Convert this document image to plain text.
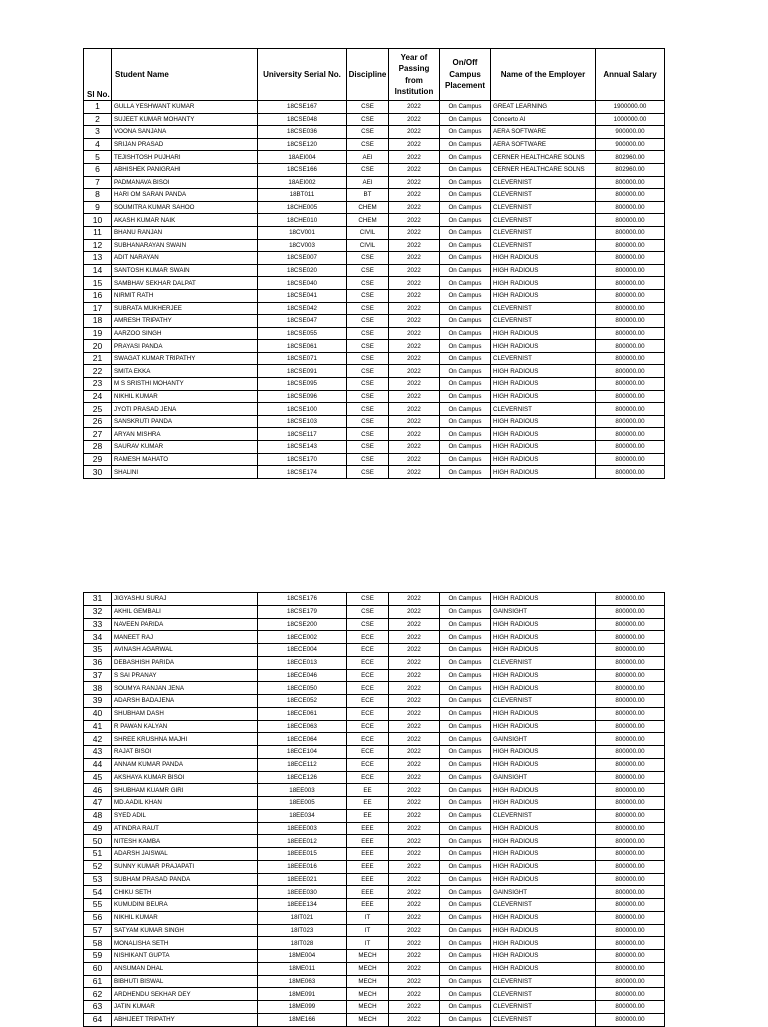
Sl No.	Student Name	University Serial No.	Discipline	Year of Passing from Institution	On/Off Campus Placement	Name of the Employer	Annual Salary
1	GULLA YESHWANT KUMAR	18CSE167	CSE	2022	On Campus	GREAT LEARNING	1900000.00
2	SUJEET KUMAR MOHANTY	18CSE048	CSE	2022	On Campus	Concerto AI	1000000.00
3	VOONA SANJANA	18CSE036	CSE	2022	On Campus	AERA SOFTWARE	900000.00
4	SRIJAN PRASAD	18CSE120	CSE	2022	On Campus	AERA SOFTWARE	900000.00
5	TEJISHTOSH PUJHARI	18AEI004	AEI	2022	On Campus	CERNER HEALTHCARE SOLNS	802960.00
6	ABHISHEK PANIGRAHI	18CSE166	CSE	2022	On Campus	CERNER HEALTHCARE SOLNS	802960.00
7	PADMANAVA BISOI	18AEI002	AEI	2022	On Campus	CLEVERNIST	800000.00
8	HARI OM SARAN PANDA	18BT011	BT	2022	On Campus	CLEVERNIST	800000.00
9	SOUMITRA KUMAR SAHOO	18CHE005	CHEM	2022	On Campus	CLEVERNIST	800000.00
10	AKASH KUMAR NAIK	18CHE010	CHEM	2022	On Campus	CLEVERNIST	800000.00
11	BHANU RANJAN	18CV001	CIVIL	2022	On Campus	CLEVERNIST	800000.00
12	SUBHANARAYAN SWAIN	18CV003	CIVIL	2022	On Campus	CLEVERNIST	800000.00
13	ADIT NARAYAN	18CSE007	CSE	2022	On Campus	HIGH RADIOUS	800000.00
14	SANTOSH KUMAR SWAIN	18CSE020	CSE	2022	On Campus	HIGH RADIOUS	800000.00
15	SAMBHAV SEKHAR DALPAT	18CSE040	CSE	2022	On Campus	HIGH RADIOUS	800000.00
16	NIRMIT RATH	18CSE041	CSE	2022	On Campus	HIGH RADIOUS	800000.00
17	SUBRATA MUKHERJEE	18CSE042	CSE	2022	On Campus	CLEVERNIST	800000.00
18	AMRESH TRIPATHY	18CSE047	CSE	2022	On Campus	CLEVERNIST	800000.00
19	AARZOO SINGH	18CSE055	CSE	2022	On Campus	HIGH RADIOUS	800000.00
20	PRAYASI PANDA	18CSE061	CSE	2022	On Campus	HIGH RADIOUS	800000.00
21	SWAGAT KUMAR TRIPATHY	18CSE071	CSE	2022	On Campus	CLEVERNIST	800000.00
22	SMITA EKKA	18CSE091	CSE	2022	On Campus	HIGH RADIOUS	800000.00
23	M S SRISTHI MOHANTY	18CSE095	CSE	2022	On Campus	HIGH RADIOUS	800000.00
24	NIKHIL KUMAR	18CSE096	CSE	2022	On Campus	HIGH RADIOUS	800000.00
25	JYOTI PRASAD JENA	18CSE100	CSE	2022	On Campus	CLEVERNIST	800000.00
26	SANSKRUTI PANDA	18CSE103	CSE	2022	On Campus	HIGH RADIOUS	800000.00
27	ARYAN MISHRA	18CSE117	CSE	2022	On Campus	HIGH RADIOUS	800000.00
28	SAURAV KUMAR	18CSE143	CSE	2022	On Campus	HIGH RADIOUS	800000.00
29	RAMESH MAHATO	18CSE170	CSE	2022	On Campus	HIGH RADIOUS	800000.00
30	SHALINI	18CSE174	CSE	2022	On Campus	HIGH RADIOUS	800000.00
31	JIGYASHU SURAJ	18CSE176	CSE	2022	On Campus	HIGH RADIOUS	800000.00
32	AKHIL GEMBALI	18CSE179	CSE	2022	On Campus	GAINSIGHT	800000.00
33	NAVEEN PARIDA	18CSE200	CSE	2022	On Campus	HIGH RADIOUS	800000.00
34	MANEET RAJ	18ECE002	ECE	2022	On Campus	HIGH RADIOUS	800000.00
35	AVINASH AGARWAL	18ECE004	ECE	2022	On Campus	HIGH RADIOUS	800000.00
36	DEBASHISH PARIDA	18ECE013	ECE	2022	On Campus	CLEVERNIST	800000.00
37	S SAI PRANAY	18ECE046	ECE	2022	On Campus	HIGH RADIOUS	800000.00
38	SOUMYA RANJAN JENA	18ECE050	ECE	2022	On Campus	HIGH RADIOUS	800000.00
39	ADARSH BADAJENA	18ECE052	ECE	2022	On Campus	CLEVERNIST	800000.00
40	SHUBHAM DASH	18ECE061	ECE	2022	On Campus	HIGH RADIOUS	800000.00
41	R PAWAN KALYAN	18ECE063	ECE	2022	On Campus	HIGH RADIOUS	800000.00
42	SHREE KRUSHNA MAJHI	18ECE064	ECE	2022	On Campus	GAINSIGHT	800000.00
43	RAJAT BISOI	18ECE104	ECE	2022	On Campus	HIGH RADIOUS	800000.00
44	ANNAM KUMAR PANDA	18ECE112	ECE	2022	On Campus	HIGH RADIOUS	800000.00
45	AKSHAYA KUMAR BISOI	18ECE126	ECE	2022	On Campus	GAINSIGHT	800000.00
46	SHUBHAM KUAMR GIRI	18EE003	EE	2022	On Campus	HIGH RADIOUS	800000.00
47	MD.AADIL KHAN	18EE005	EE	2022	On Campus	HIGH RADIOUS	800000.00
48	SYED ADIL	18EE034	EE	2022	On Campus	CLEVERNIST	800000.00
49	ATINDRA RAUT	18EEE003	EEE	2022	On Campus	HIGH RADIOUS	800000.00
50	NITESH KAMBA	18EEE012	EEE	2022	On Campus	HIGH RADIOUS	800000.00
51	ADARSH JAISWAL	18EEE015	EEE	2022	On Campus	HIGH RADIOUS	800000.00
52	SUNNY KUMAR PRAJAPATI	18EEE016	EEE	2022	On Campus	HIGH RADIOUS	800000.00
53	SUBHAM PRASAD PANDA	18EEE021	EEE	2022	On Campus	HIGH RADIOUS	800000.00
54	CHIKU SETH	18EEE030	EEE	2022	On Campus	GAINSIGHT	800000.00
55	KUMUDINI BEURA	18EEE134	EEE	2022	On Campus	CLEVERNIST	800000.00
56	NIKHIL KUMAR	18IT021	IT	2022	On Campus	HIGH RADIOUS	800000.00
57	SATYAM KUMAR SINGH	18IT023	IT	2022	On Campus	HIGH RADIOUS	800000.00
58	MONALISHA SETH	18IT028	IT	2022	On Campus	HIGH RADIOUS	800000.00
59	NISHIKANT GUPTA	18ME004	MECH	2022	On Campus	HIGH RADIOUS	800000.00
60	ANSUMAN DHAL	18ME011	MECH	2022	On Campus	HIGH RADIOUS	800000.00
61	BIBHUTI BISWAL	18ME063	MECH	2022	On Campus	CLEVERNIST	800000.00
62	ARDHENDU SEKHAR DEY	18ME091	MECH	2022	On Campus	CLEVERNIST	800000.00
63	JATIN KUMAR	18ME099	MECH	2022	On Campus	CLEVERNIST	800000.00
64	ABHIJEET TRIPATHY	18ME166	MECH	2022	On Campus	CLEVERNIST	800000.00
